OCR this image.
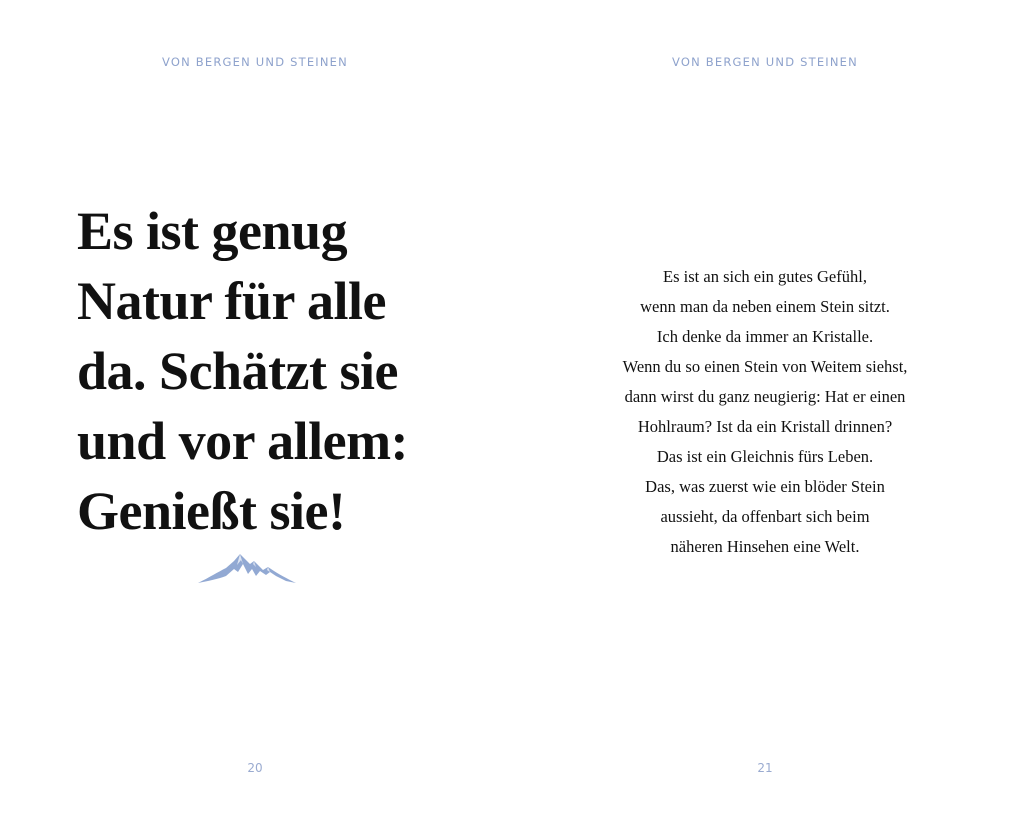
VON BERGEN UND STEINEN
Es ist genug
Natur für alle
da. Schätzt sie
und vor allem:
Genießt sie!
20
VON BERGEN UND STEINEN
Es ist an sich ein gutes Gefühl,
wenn man da neben einem Stein sitzt.
Ich denke da immer an Kristalle.
Wenn du so einen Stein von Weitem siehst,
dann wirst du ganz neugierig: Hat er einen
Hohlraum? Ist da ein Kristall drinnen?
Das ist ein Gleichnis fürs Leben.
Das, was zuerst wie ein blöder Stein
aussieht, da offenbart sich beim
näheren Hinsehen eine Welt.
21
